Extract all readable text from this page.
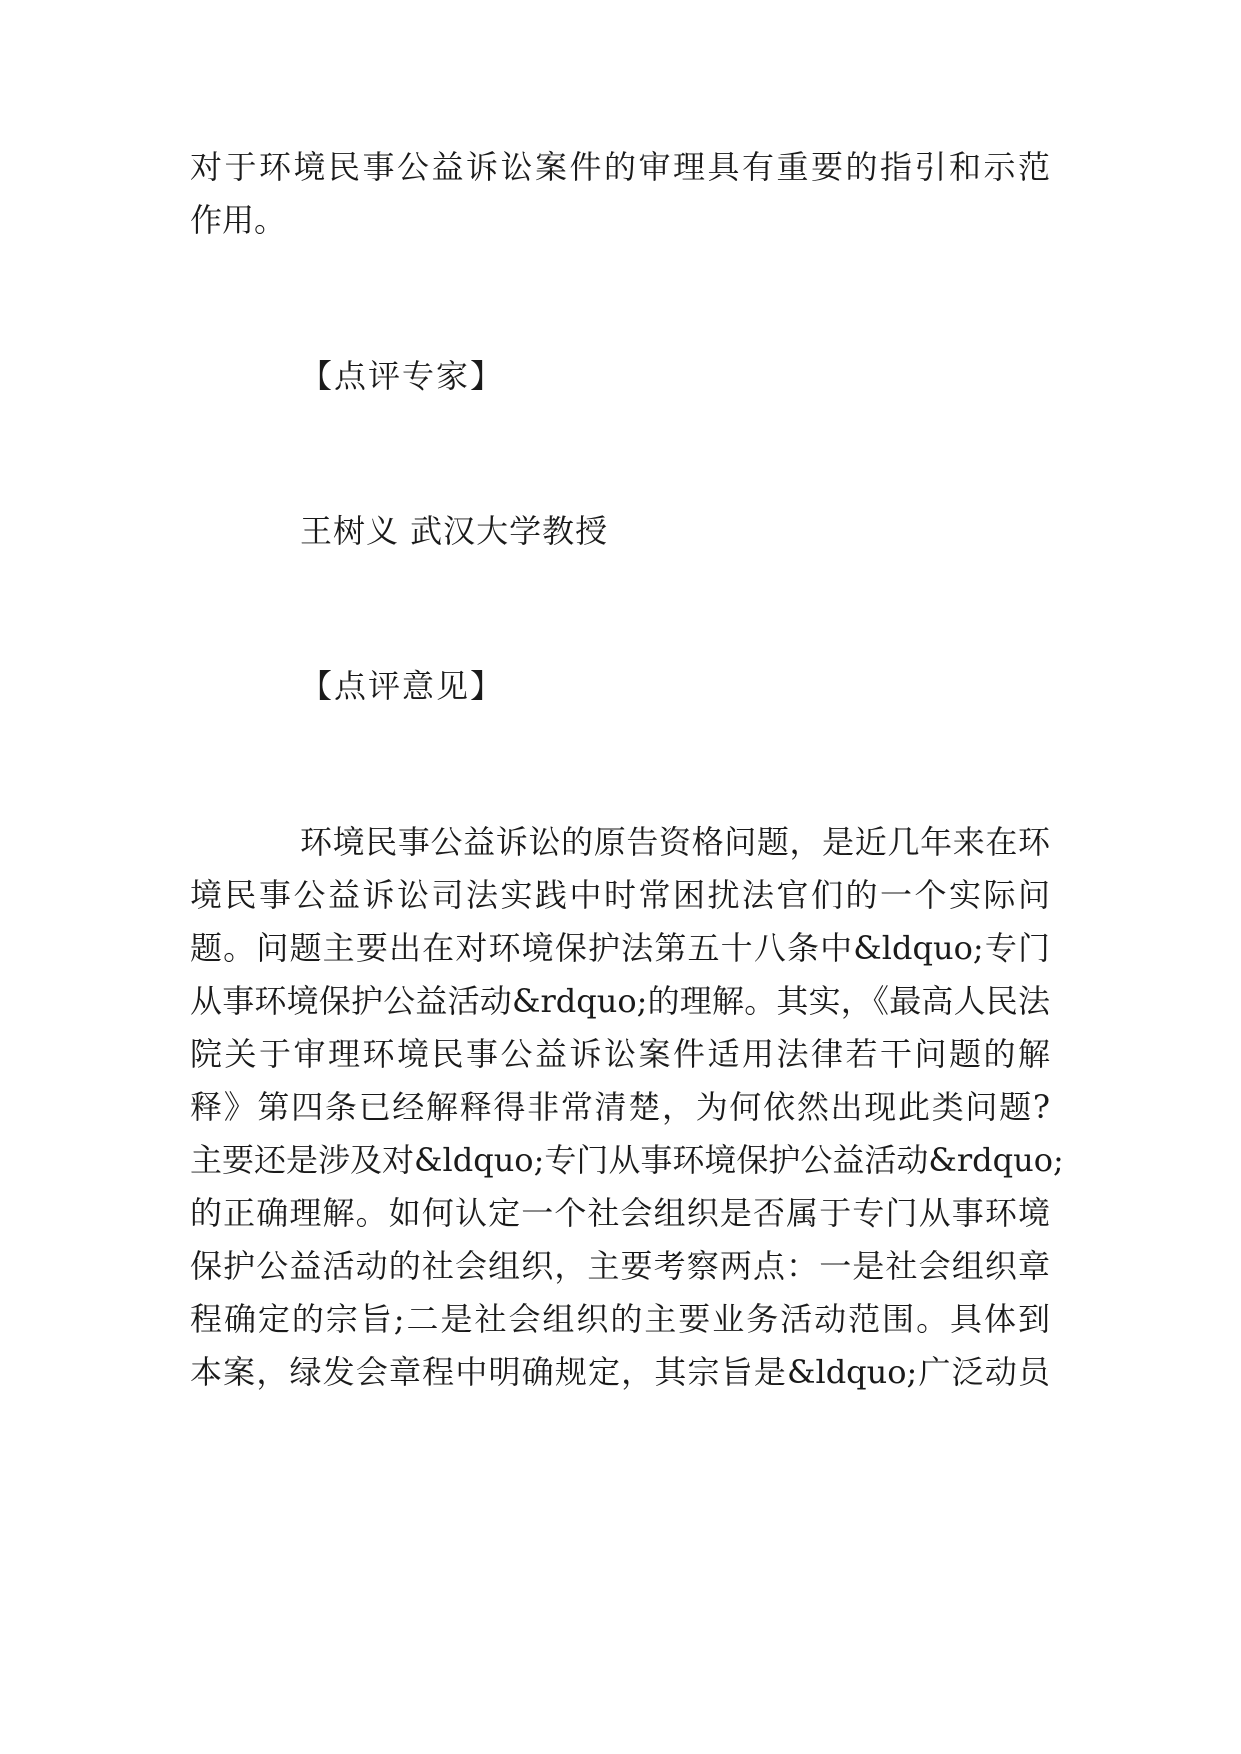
对于环境民事公益诉讼案件的审理具有重要的指引和示范
作用。
【点评专家】
王树义 武汉大学教授
【点评意见】
环境民事公益诉讼的原告资格问题，是近几年来在环
境民事公益诉讼司法实践中时常困扰法官们的一个实际问
题。问题主要出在对环境保护法第五十八条中&ldquo;专门
从事环境保护公益活动&rdquo;的理解。其实，《最高人民法
院关于审理环境民事公益诉讼案件适用法律若干问题的解
释》第四条已经解释得非常清楚，为何依然出现此类问题?
主要还是涉及对&ldquo;专门从事环境保护公益活动&rdquo;
的正确理解。如何认定一个社会组织是否属于专门从事环境
保护公益活动的社会组织，主要考察两点：一是社会组织章
程确定的宗旨;二是社会组织的主要业务活动范围。具体到
本案，绿发会章程中明确规定，其宗旨是&ldquo;广泛动员
